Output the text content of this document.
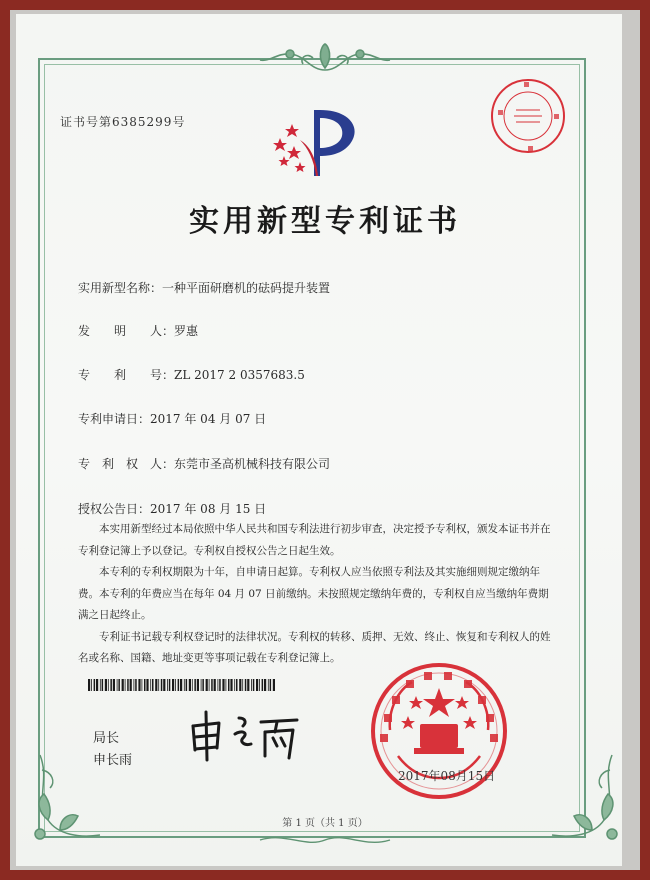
证书号第6385299号
实用新型专利证书
实用新型名称：一种平面研磨机的砝码提升装置
发　　明　　人：罗惠
专　　利　　号：ZL 2017 2 0357683.5
专利申请日：2017 年 04 月 07 日
专　利　权　人：东莞市圣高机械科技有限公司
授权公告日：2017 年 08 月 15 日

本实用新型经过本局依照中华人民共和国专利法进行初步审查，决定授予专利权，颁发本证书并在专利登记簿上予以登记。专利权自授权公告之日起生效。

本专利的专利权期限为十年，自申请日起算。专利权人应当依照专利法及其实施细则规定缴纳年费。本专利的年费应当在每年 04 月 07 日前缴纳。未按照规定缴纳年费的，专利权自应当缴纳年费期满之日起终止。

专利证书记载专利权登记时的法律状况。专利权的转移、质押、无效、终止、恢复和专利权人的姓名或名称、国籍、地址变更等事项记载在专利登记簿上。

局长
申长雨
2017年08月15日
第 1 页（共 1 页）
